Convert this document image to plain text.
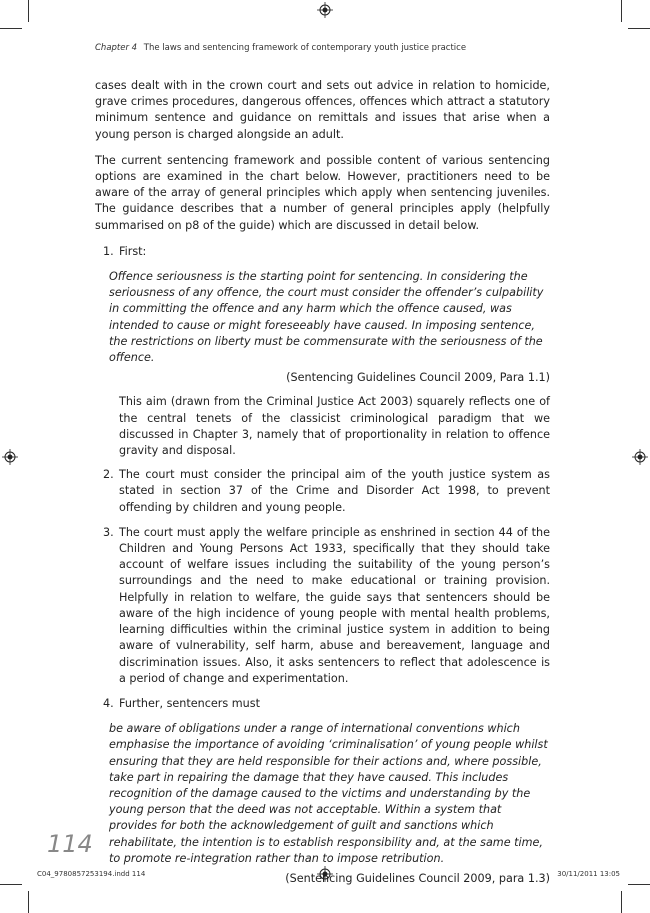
Chapter 4 The laws and sentencing framework of contemporary youth justice practice

cases dealt with in the crown court and sets out advice in relation to homicide, grave crimes procedures, dangerous offences, offences which attract a statutory minimum sentence and guidance on remittals and issues that arise when a young person is charged alongside an adult.

The current sentencing framework and possible content of various sentencing options are examined in the chart below. However, practitioners need to be aware of the array of general principles which apply when sentencing juveniles. The guidance describes that a number of general principles apply (helpfully summarised on p8 of the guide) which are discussed in detail below.

1. First:
Offence seriousness is the starting point for sentencing. In considering the seriousness of any offence, the court must consider the offender’s culpability in committing the offence and any harm which the offence caused, was intended to cause or might foreseeably have caused. In imposing sentence, the restrictions on liberty must be commensurate with the seriousness of the offence.
(Sentencing Guidelines Council 2009, Para 1.1)
This aim (drawn from the Criminal Justice Act 2003) squarely reflects one of the central tenets of the classicist criminological paradigm that we discussed in Chapter 3, namely that of proportionality in relation to offence gravity and disposal.
2. The court must consider the principal aim of the youth justice system as stated in section 37 of the Crime and Disorder Act 1998, to prevent offending by children and young people.
3. The court must apply the welfare principle as enshrined in section 44 of the Children and Young Persons Act 1933, specifically that they should take account of welfare issues including the suitability of the young person’s surroundings and the need to make educational or training provision. Helpfully in relation to welfare, the guide says that sentencers should be aware of the high incidence of young people with mental health problems, learning difficulties within the criminal justice system in addition to being aware of vulnerability, self harm, abuse and bereavement, language and discrimination issues. Also, it asks sentencers to reflect that adolescence is a period of change and experimentation.
4. Further, sentencers must
be aware of obligations under a range of international conventions which emphasise the importance of avoiding ‘criminalisation’ of young people whilst ensuring that they are held responsible for their actions and, where possible, take part in repairing the damage that they have caused. This includes recognition of the damage caused to the victims and understanding by the young person that the deed was not acceptable. Within a system that provides for both the acknowledgement of guilt and sanctions which rehabilitate, the intention is to establish responsibility and, at the same time, to promote re-integration rather than to impose retribution.
(Sentencing Guidelines Council 2009, para 1.3)
114
C04_9780857253194.indd 114	30/11/2011 13:05
